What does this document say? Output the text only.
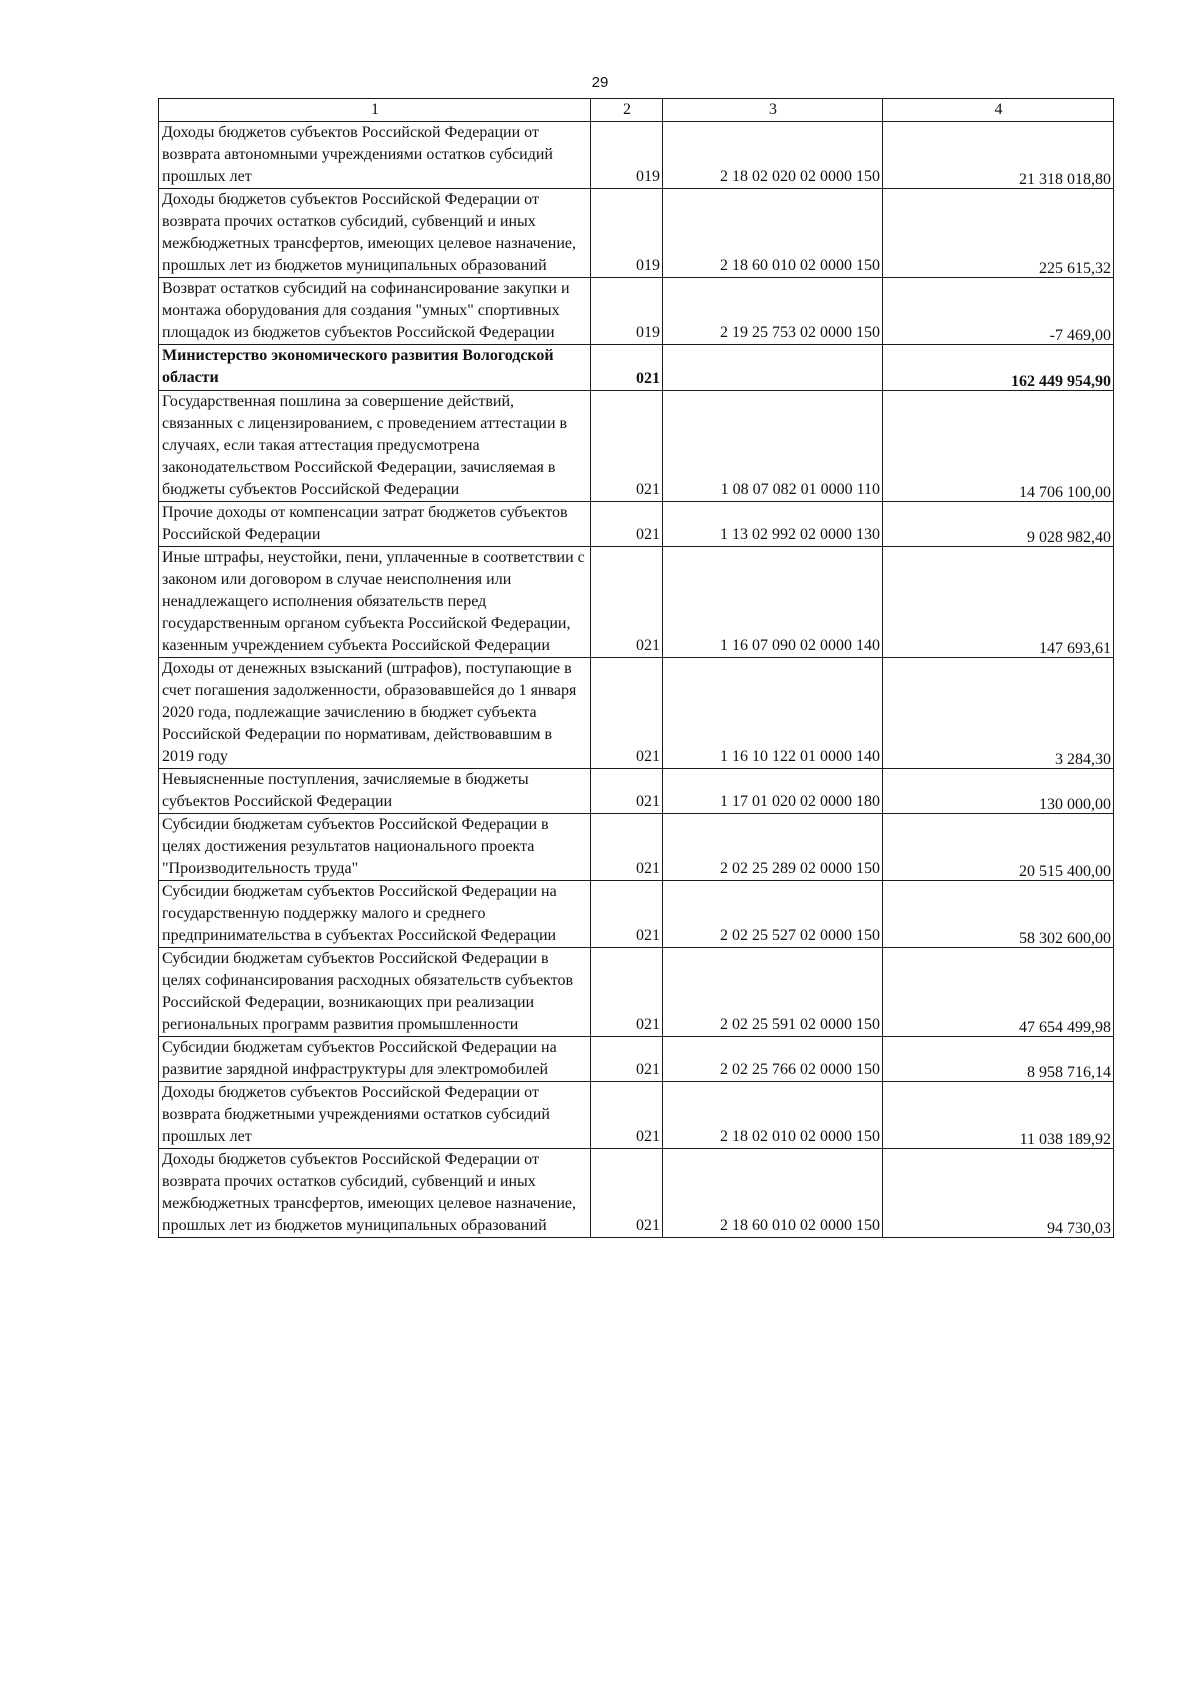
29
1	2	3	4
Доходы бюджетов субъектов Российской Федерации от возврата автономными учреждениями остатков субсидий прошлых лет	019	2 18 02 020 02 0000 150	21 318 018,80
Доходы бюджетов субъектов Российской Федерации от возврата прочих остатков субсидий, субвенций и иных межбюджетных трансфертов, имеющих целевое назначение, прошлых лет из бюджетов муниципальных образований	019	2 18 60 010 02 0000 150	225 615,32
Возврат остатков субсидий на софинансирование закупки и монтажа оборудования для создания "умных" спортивных площадок из бюджетов субъектов Российской Федерации	019	2 19 25 753 02 0000 150	-7 469,00
Министерство экономического развития Вологодской области	021		162 449 954,90
Государственная пошлина за совершение действий, связанных с лицензированием, с проведением аттестации в случаях, если такая аттестация предусмотрена законодательством Российской Федерации, зачисляемая в бюджеты субъектов Российской Федерации	021	1 08 07 082 01 0000 110	14 706 100,00
Прочие доходы от компенсации затрат бюджетов субъектов Российской Федерации	021	1 13 02 992 02 0000 130	9 028 982,40
Иные штрафы, неустойки, пени, уплаченные в соответствии с законом или договором в случае неисполнения или ненадлежащего исполнения обязательств перед государственным органом субъекта Российской Федерации, казенным учреждением субъекта Российской Федерации	021	1 16 07 090 02 0000 140	147 693,61
Доходы от денежных взысканий (штрафов), поступающие в счет погашения задолженности, образовавшейся до 1 января 2020 года, подлежащие зачислению в бюджет субъекта Российской Федерации по нормативам, действовавшим в 2019 году	021	1 16 10 122 01 0000 140	3 284,30
Невыясненные поступления, зачисляемые в бюджеты субъектов Российской Федерации	021	1 17 01 020 02 0000 180	130 000,00
Субсидии бюджетам субъектов Российской Федерации в целях достижения результатов национального проекта "Производительность труда"	021	2 02 25 289 02 0000 150	20 515 400,00
Субсидии бюджетам субъектов Российской Федерации на государственную поддержку малого и среднего предпринимательства в субъектах Российской Федерации	021	2 02 25 527 02 0000 150	58 302 600,00
Субсидии бюджетам субъектов Российской Федерации в целях софинансирования расходных обязательств субъектов Российской Федерации, возникающих при реализации региональных программ развития промышленности	021	2 02 25 591 02 0000 150	47 654 499,98
Субсидии бюджетам субъектов Российской Федерации на развитие зарядной инфраструктуры для электромобилей	021	2 02 25 766 02 0000 150	8 958 716,14
Доходы бюджетов субъектов Российской Федерации от возврата бюджетными учреждениями остатков субсидий прошлых лет	021	2 18 02 010 02 0000 150	11 038 189,92
Доходы бюджетов субъектов Российской Федерации от возврата прочих остатков субсидий, субвенций и иных межбюджетных трансфертов, имеющих целевое назначение, прошлых лет из бюджетов муниципальных образований	021	2 18 60 010 02 0000 150	94 730,03
